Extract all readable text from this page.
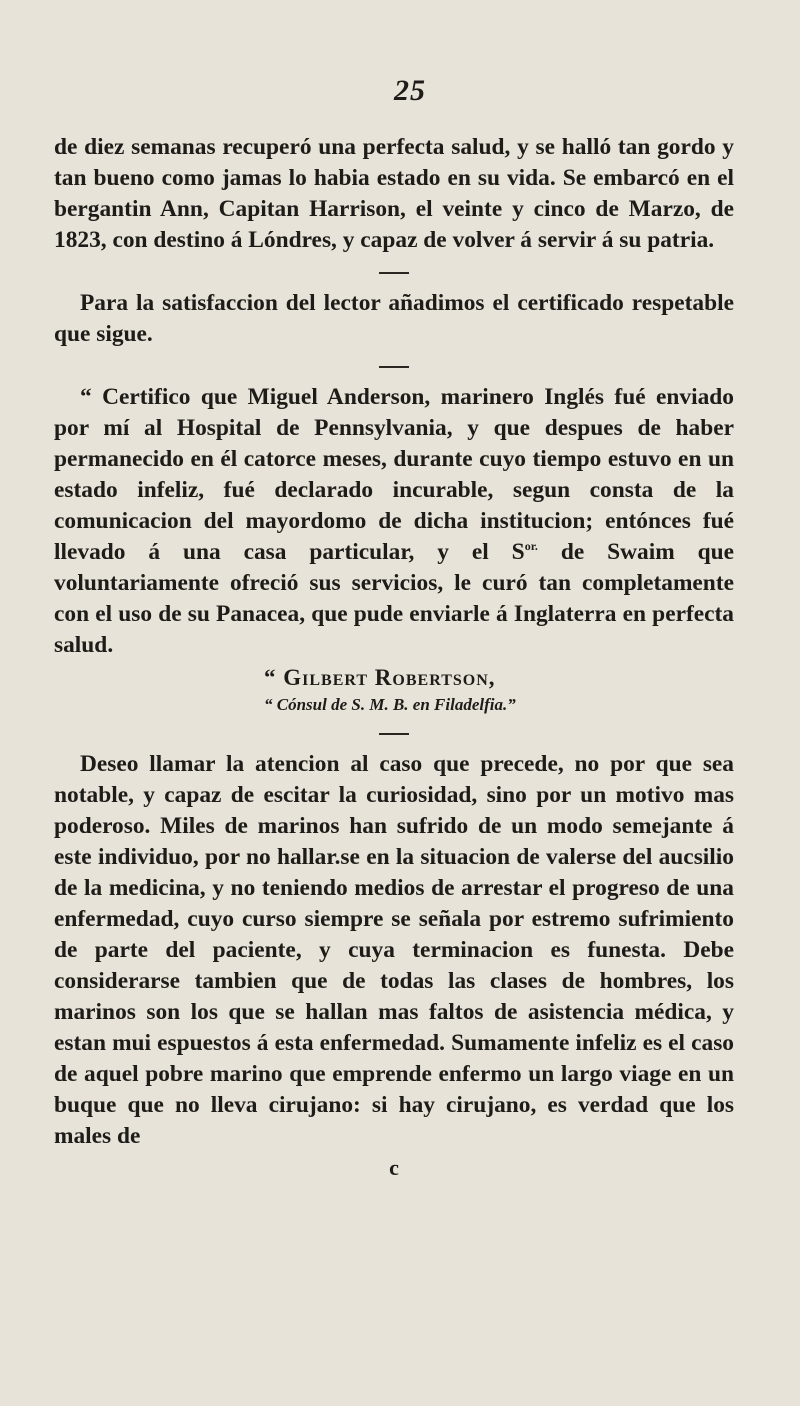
25

de diez semanas recuperó una perfecta salud, y se halló tan gordo y tan bueno como jamas lo habia estado en su vida. Se embarcó en el bergantin Ann, Capitan Harrison, el veinte y cinco de Marzo, de 1823, con destino á Lóndres, y capaz de volver á servir á su patria.

Para la satisfaccion del lector añadimos el certificado respetable que sigue.

“ Certifico que Miguel Anderson, marinero Inglés fué enviado por mí al Hospital de Pennsylvania, y que despues de haber permanecido en él catorce meses, durante cuyo tiempo estuvo en un estado infeliz, fué declarado incurable, segun consta de la comunicacion del mayordomo de dicha institucion; entónces fué llevado á una casa particular, y el $S^{or.}$ de Swaim que voluntariamente ofreció sus servicios, le curó tan completamente con el uso de su Panacea, que pude enviarle á Inglaterra en perfecta salud.

“ Gilbert Robertson,

“ Cónsul de S. M. B. en Filadelfia.”

Deseo llamar la atencion al caso que precede, no por que sea notable, y capaz de escitar la curiosidad, sino por un motivo mas poderoso. Miles de marinos han sufrido de un modo semejante á este individuo, por no hallar.se en la situacion de valerse del aucsilio de la medicina, y no teniendo medios de arrestar el progreso de una enfermedad, cuyo curso siempre se señala por estremo sufrimiento de parte del paciente, y cuya terminacion es funesta. Debe considerarse tambien que de todas las clases de hombres, los marinos son los que se hallan mas faltos de asistencia médica, y estan mui espuestos á esta enfermedad. Sumamente infeliz es el caso de aquel pobre marino que emprende enfermo un largo viage en un buque que no lleva cirujano: si hay cirujano, es verdad que los males de

c
